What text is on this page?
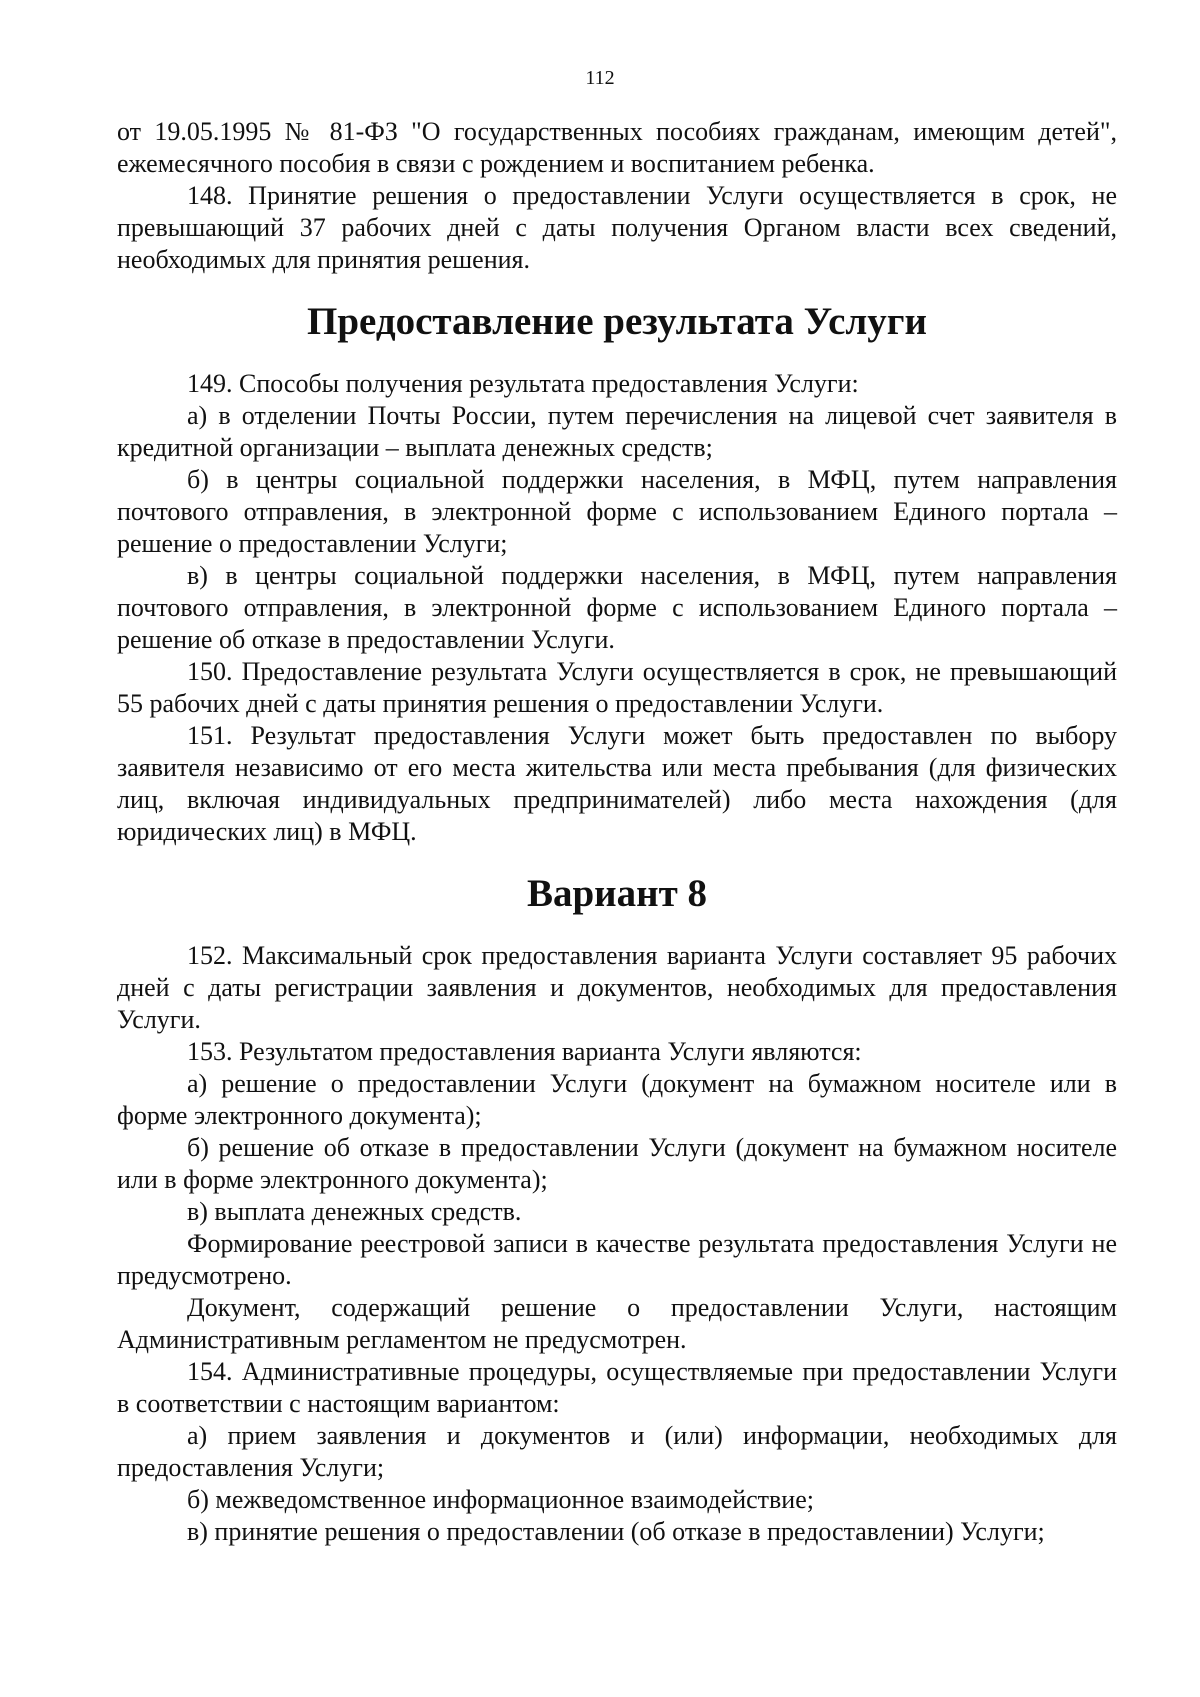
112

от 19.05.1995 № 81-ФЗ "О государственных пособиях гражданам, имеющим детей", ежемесячного пособия в связи с рождением и воспитанием ребенка.

148. Принятие решения о предоставлении Услуги осуществляется в срок, не превышающий 37 рабочих дней с даты получения Органом власти всех сведений, необходимых для принятия решения.

Предоставление результата Услуги

149. Способы получения результата предоставления Услуги:

а) в отделении Почты России, путем перечисления на лицевой счет заявителя в кредитной организации – выплата денежных средств;

б) в центры социальной поддержки населения, в МФЦ, путем направления почтового отправления, в электронной форме с использованием Единого портала – решение о предоставлении Услуги;

в) в центры социальной поддержки населения, в МФЦ, путем направления почтового отправления, в электронной форме с использованием Единого портала – решение об отказе в предоставлении Услуги.

150. Предоставление результата Услуги осуществляется в срок, не превышающий 55 рабочих дней с даты принятия решения о предоставлении Услуги.

151. Результат предоставления Услуги может быть предоставлен по выбору заявителя независимо от его места жительства или места пребывания (для физических лиц, включая индивидуальных предпринимателей) либо места нахождения (для юридических лиц) в МФЦ.

Вариант 8

152. Максимальный срок предоставления варианта Услуги составляет 95 рабочих дней с даты регистрации заявления и документов, необходимых для предоставления Услуги.

153. Результатом предоставления варианта Услуги являются:

а) решение о предоставлении Услуги (документ на бумажном носителе или в форме электронного документа);

б) решение об отказе в предоставлении Услуги (документ на бумажном носителе или в форме электронного документа);

в) выплата денежных средств.

Формирование реестровой записи в качестве результата предоставления Услуги не предусмотрено.

Документ, содержащий решение о предоставлении Услуги, настоящим Административным регламентом не предусмотрен.

154. Административные процедуры, осуществляемые при предоставлении Услуги в соответствии с настоящим вариантом:

а) прием заявления и документов и (или) информации, необходимых для предоставления Услуги;

б) межведомственное информационное взаимодействие;

в) принятие решения о предоставлении (об отказе в предоставлении) Услуги;
